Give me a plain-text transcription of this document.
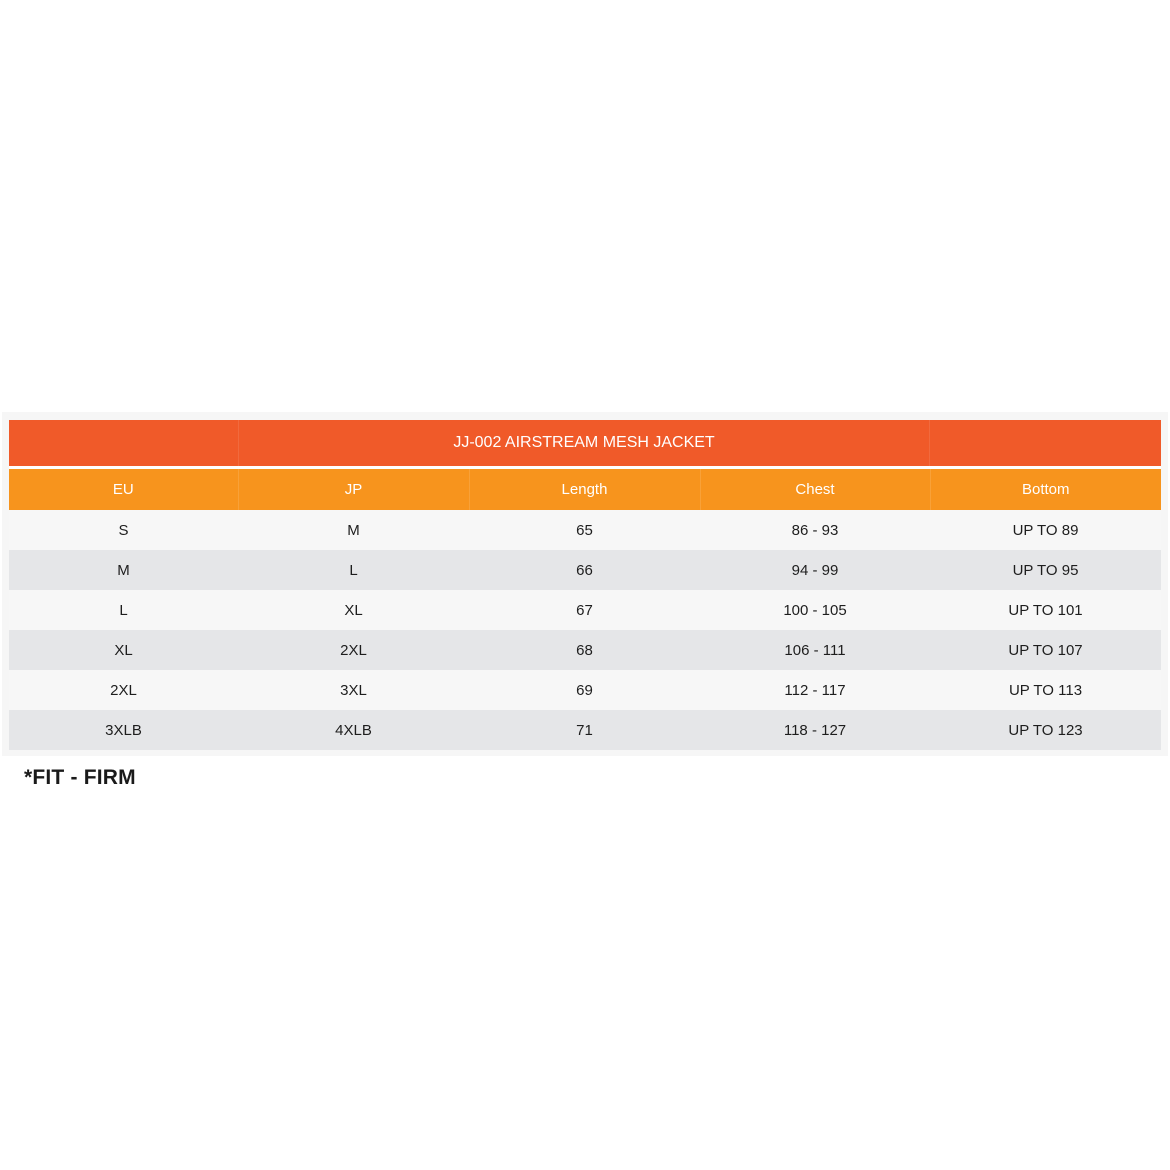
	JJ-002 AIRSTREAM MESH JACKET			

EU	JP	Length	Chest	Bottom
S	M	65	86 - 93	UP TO 89
M	L	66	94 - 99	UP TO 95
L	XL	67	100 - 105	UP TO 101
XL	2XL	68	106 - 111	UP TO 107
2XL	3XL	69	112 - 117	UP TO 113
3XLB	4XLB	71	118 - 127	UP TO 123

*FIT - FIRM
